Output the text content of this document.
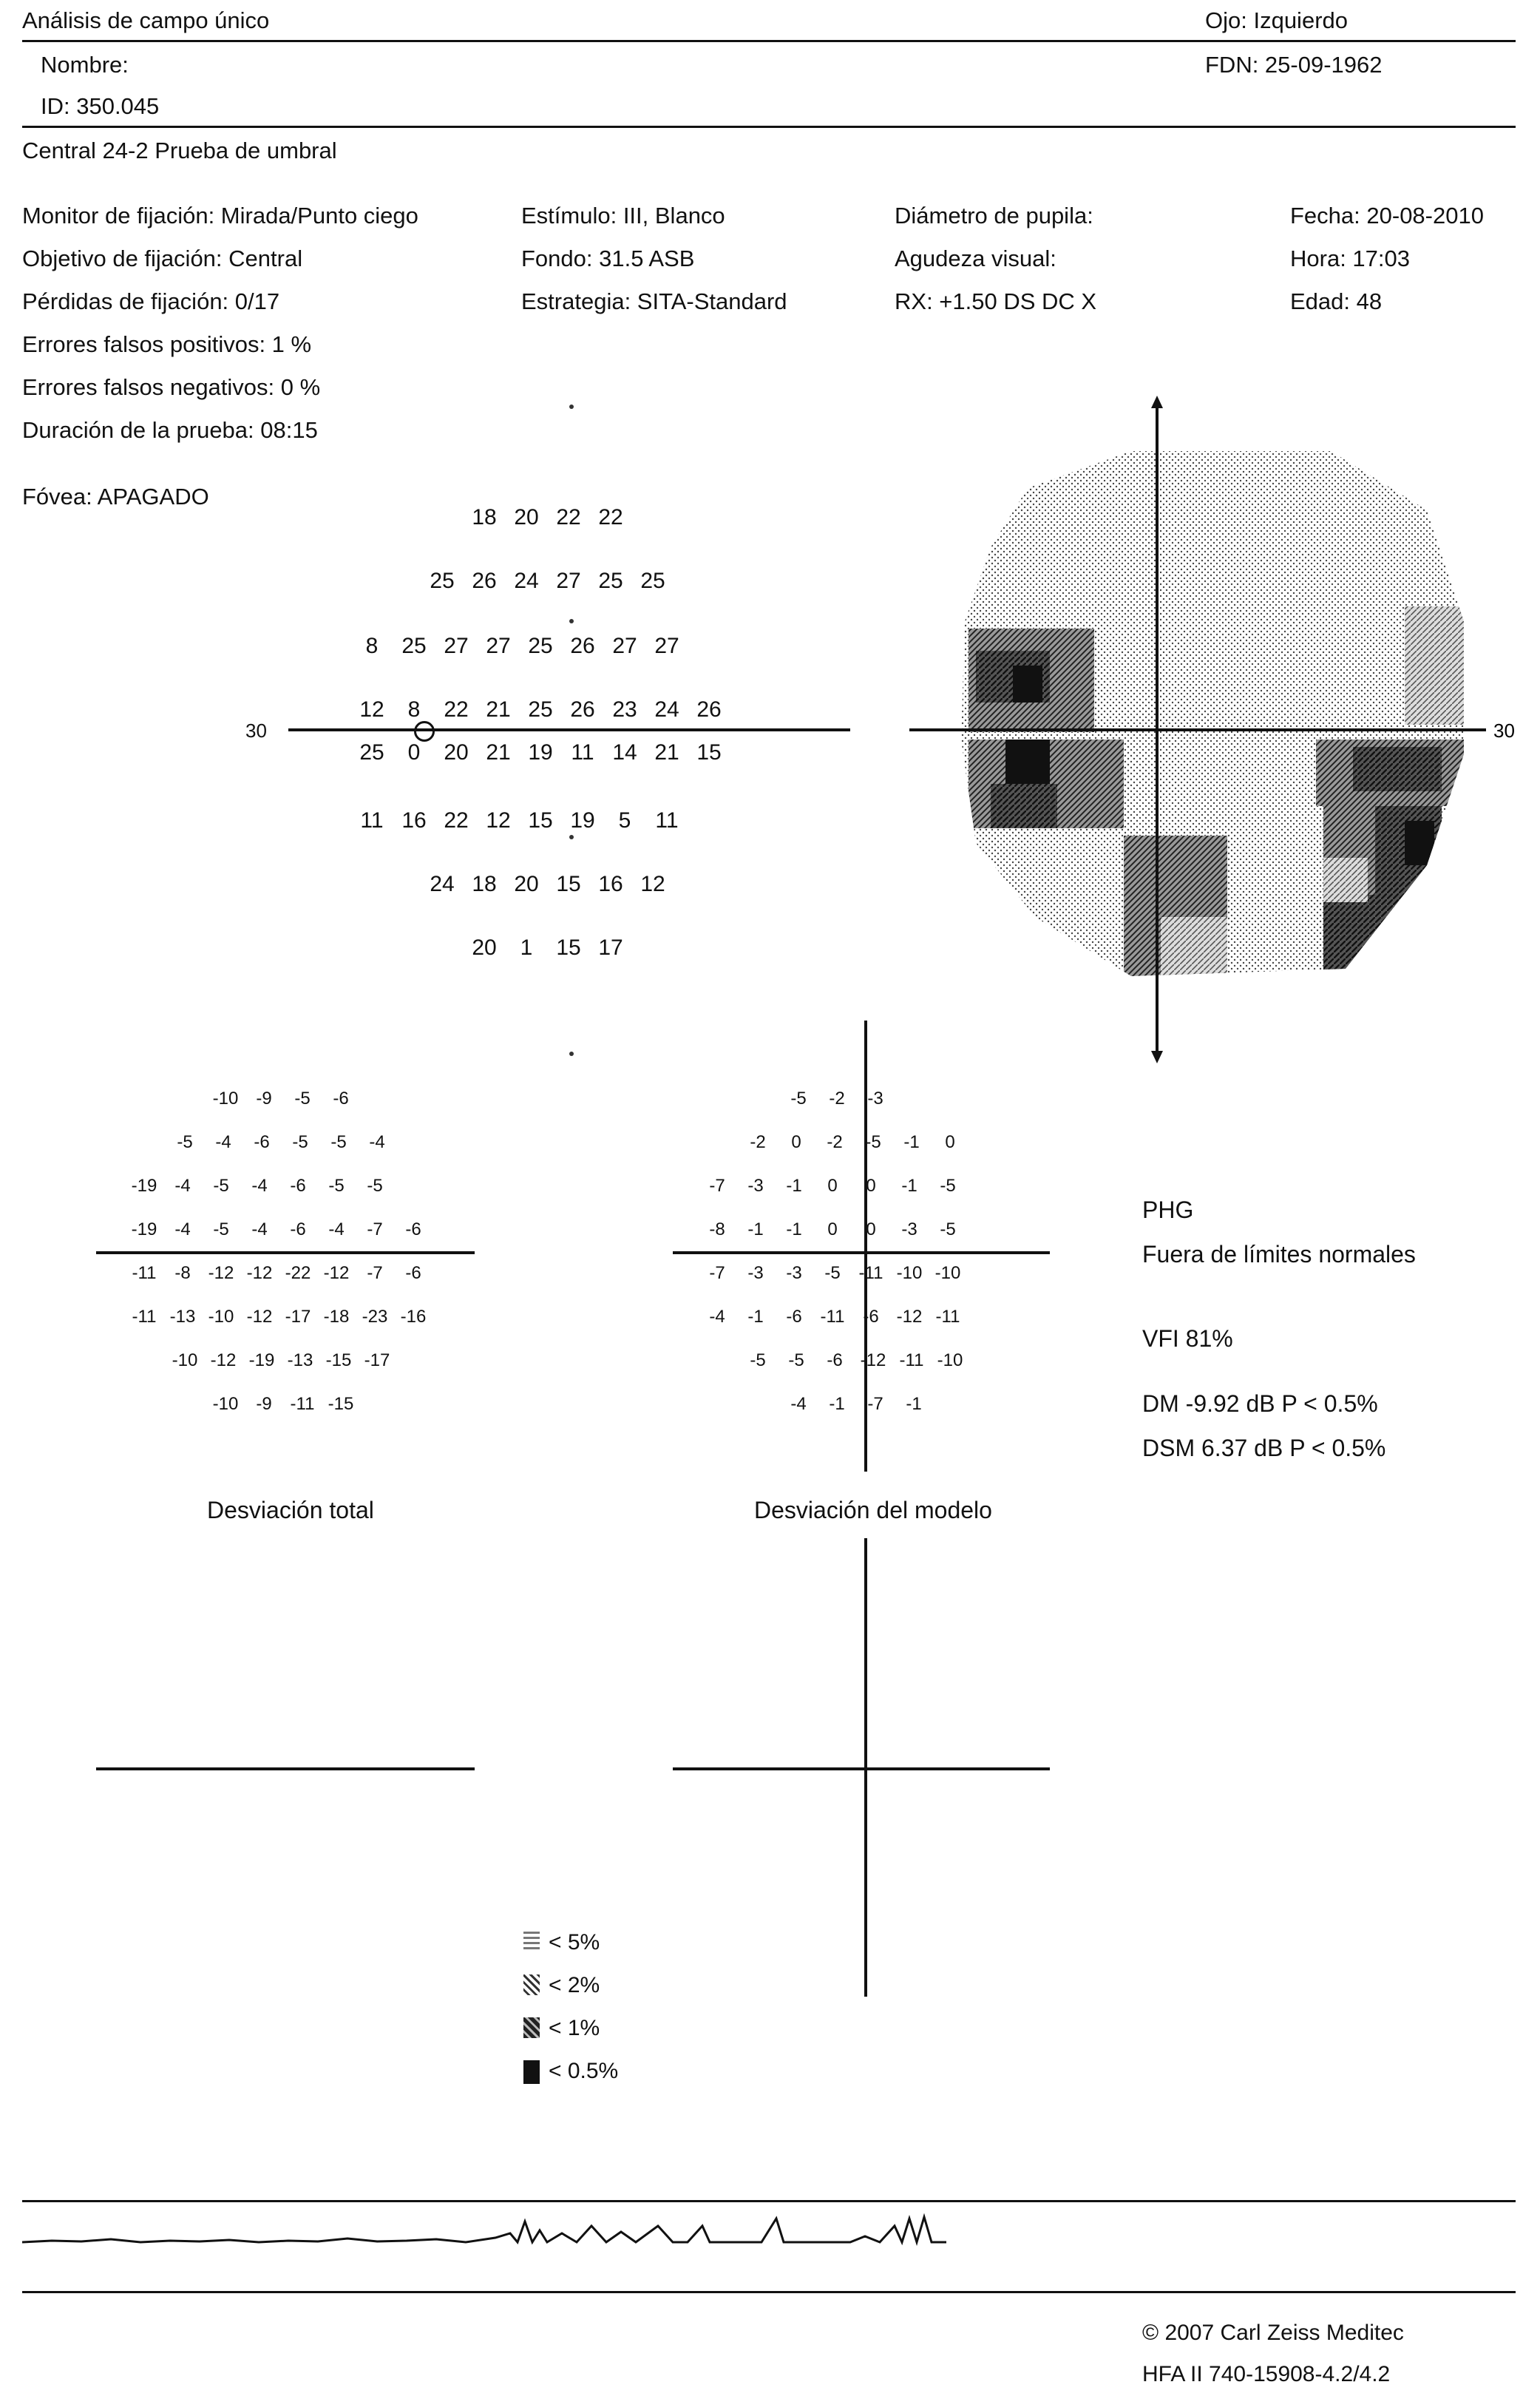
Análisis de campo único	Ojo: Izquierdo
Nombre:	FDN: 25-09-1962
ID: 350.045
Central 24-2 Prueba de umbral
Monitor de fijación: Mirada/Punto ciego
Objetivo de fijación: Central
Pérdidas de fijación: 0/17
Errores falsos positivos: 1 %
Errores falsos negativos: 0 %
Duración de la prueba: 08:15
Fóvea: APAGADO
Estímulo: III, Blanco
Fondo: 31.5 ASB
Estrategia: SITA-Standard
Diámetro de pupila:
Agudeza visual:
RX: +1.50 DS DC X
Fecha: 20-08-2010
Hora: 17:03
Edad: 48
30
18 20 22 22
25 26 24 27 25 25
8 25 27 27 25 26 27 27
12 8 22 21 25 26 23 24 26
25 0 20 21 19 11 14 21 15
11 16 22 12 15 19 5 11
24 18 20 15 16 12
20 1 15 17
30
-10 -9 -5 -6
-5 -4 -6 -5 -5 -4
-19 -4 -5 -4 -6 -5 -5
-19 -4 -5 -4 -6 -4 -7 -6
-11 -8 -12 -12 -22 -12 -7 -6
-11 -13 -10 -12 -17 -18 -23 -16
-10 -12 -19 -13 -15 -17
-10 -9 -11 -15
-5 -2 -3
-2 0 -2 -5 -1 0
-7 -3 -1 0 0 -1 -5
-8 -1 -1 0 0 -3 -5
-7 -3 -3 -5 -11 -10 -10
-4 -1 -6 -11 -6 -12 -11
-5 -5 -6 -12 -11 -10
-4 -1 -7 -1
PHG
Fuera de límites normales
VFI 81%
DM -9.92 dB P < 0.5%
DSM 6.37 dB P < 0.5%
Desviación total	Desviación del modelo
< 5%
< 2%
< 1%
< 0.5%
© 2007 Carl Zeiss Meditec
HFA II 740-15908-4.2/4.2
